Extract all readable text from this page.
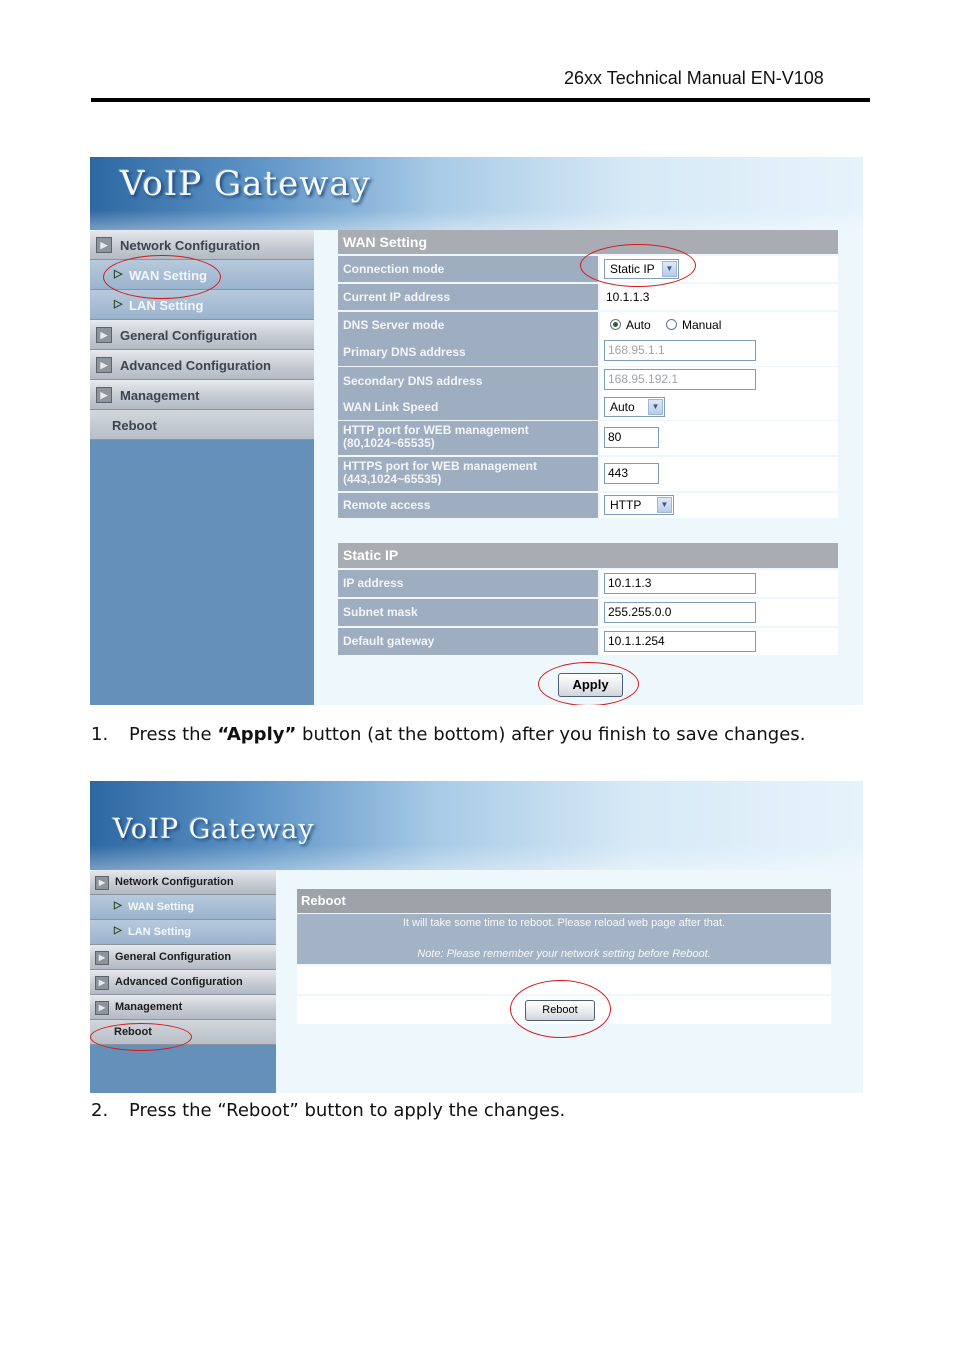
26xx Technical Manual EN-V108
VoIP Gateway
▶ Network Configuration
▷ WAN Setting
▷ LAN Setting
▶ General Configuration
▶ Advanced Configuration
▶ Management
Reboot
WAN Setting
Connection mode	Static IP	▼
Current IP address	10.1.1.3
DNS Server mode	Auto	Manual
Primary DNS address	168.95.1.1
Secondary DNS address	168.95.192.1
WAN Link Speed	Auto	▼
HTTP port for WEB management
(80,1024~65535)	80
HTTPS port for WEB management
(443,1024~65535)	443
Remote access	HTTP	▼
Static IP
IP address	10.1.1.3
Subnet mask	255.255.0.0
Default gateway	10.1.1.254
Apply
1. Press the “Apply” button (at the bottom) after you finish to save changes.
VoIP Gateway
▶ Network Configuration
▷ WAN Setting
▷ LAN Setting
▶ General Configuration
▶ Advanced Configuration
▶ Management
Reboot
Reboot
It will take some time to reboot. Please reload web page after that.
Note: Please remember your network setting before Reboot.
Reboot
2. Press the “Reboot” button to apply the changes.
